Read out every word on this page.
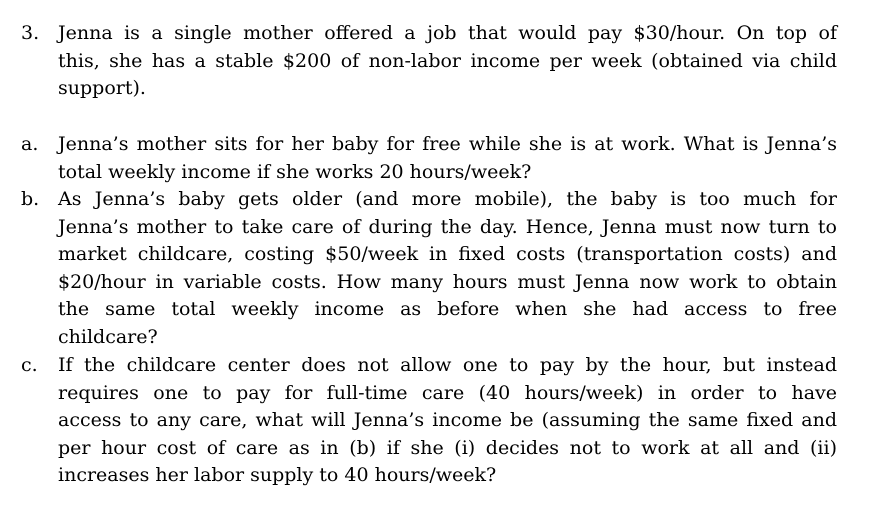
3. Jenna is a single mother offered a job that would pay $30/hour. On top of
this, she has a stable $200 of non-labor income per week (obtained via child
support).
a. Jenna’s mother sits for her baby for free while she is at work. What is Jenna’s
total weekly income if she works 20 hours/week?
b. As Jenna’s baby gets older (and more mobile), the baby is too much for
Jenna’s mother to take care of during the day. Hence, Jenna must now turn to
market childcare, costing $50/week in fixed costs (transportation costs) and
$20/hour in variable costs. How many hours must Jenna now work to obtain
the same total weekly income as before when she had access to free
childcare?
c. If the childcare center does not allow one to pay by the hour, but instead
requires one to pay for full-time care (40 hours/week) in order to have
access to any care, what will Jenna’s income be (assuming the same fixed and
per hour cost of care as in (b) if she (i) decides not to work at all and (ii)
increases her labor supply to 40 hours/week?
